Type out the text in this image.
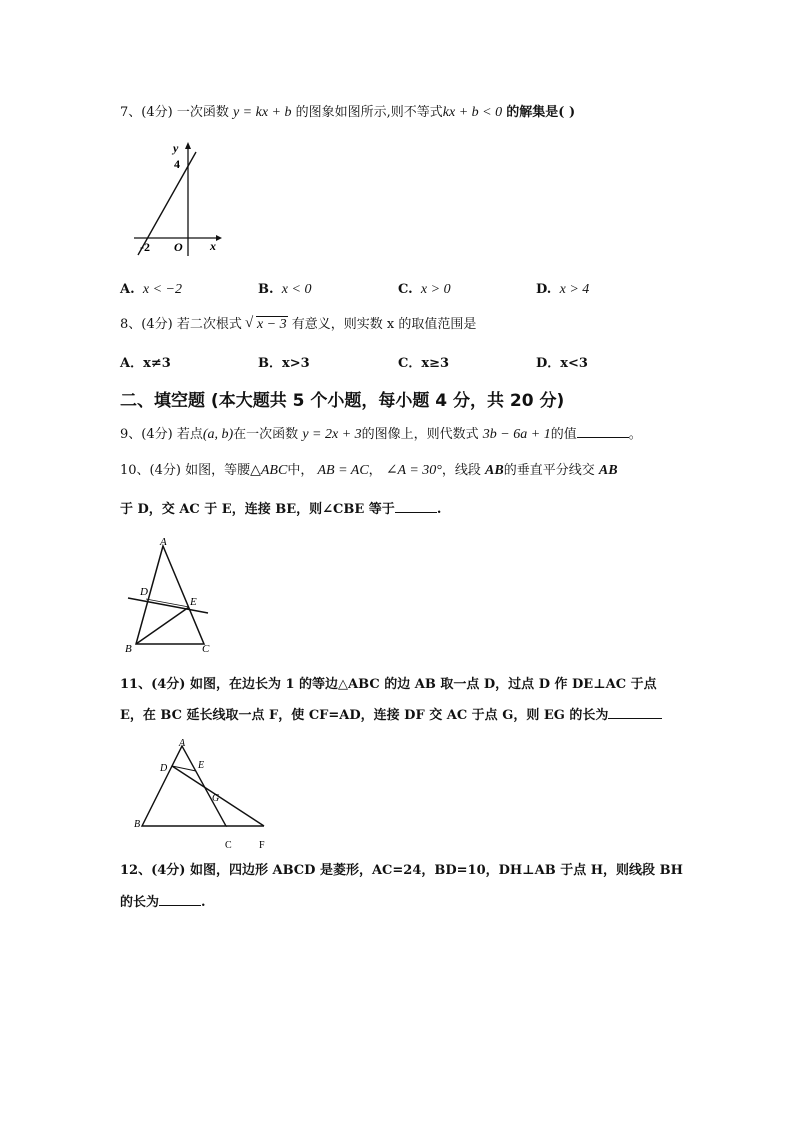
7、(4分) 一次函数 y = kx + b 的图象如图所示,则不等式kx + b < 0 的解集是( )
y
4
x
-2 O
A. x < −2	B. x < 0	C. x > 0	D. x > 4
8、(4分) 若二次根式 √ x − 3 有意义，则实数 x 的取值范围是
A．x≠3	B．x>3	C．x≥3	D．x<3
二、填空题 (本大题共 5 个小题，每小题 4 分，共 20 分)
9、(4分) 若点(a, b)在一次函数 y = 2x + 3的图像上，则代数式 3b − 6a + 1的值	。
10、(4分) 如图，等腰△ABC中， AB = AC， ∠A = 30°，线段 AB的垂直平分线交 AB
于 D，交 AC 于 E，连接 BE，则∠CBE 等于	.
A
D
E
B	C
11、(4分) 如图，在边长为 1 的等边△ABC 的边 AB 取一点 D，过点 D 作 DE⊥AC 于点
E，在 BC 延长线取一点 F，使 CF=AD，连接 DF 交 AC 于点 G，则 EG 的长为
A
D	E
G
B
C	F
12、(4分) 如图，四边形 ABCD 是菱形，AC=24，BD=10，DH⊥AB 于点 H，则线段 BH
的长为	.
